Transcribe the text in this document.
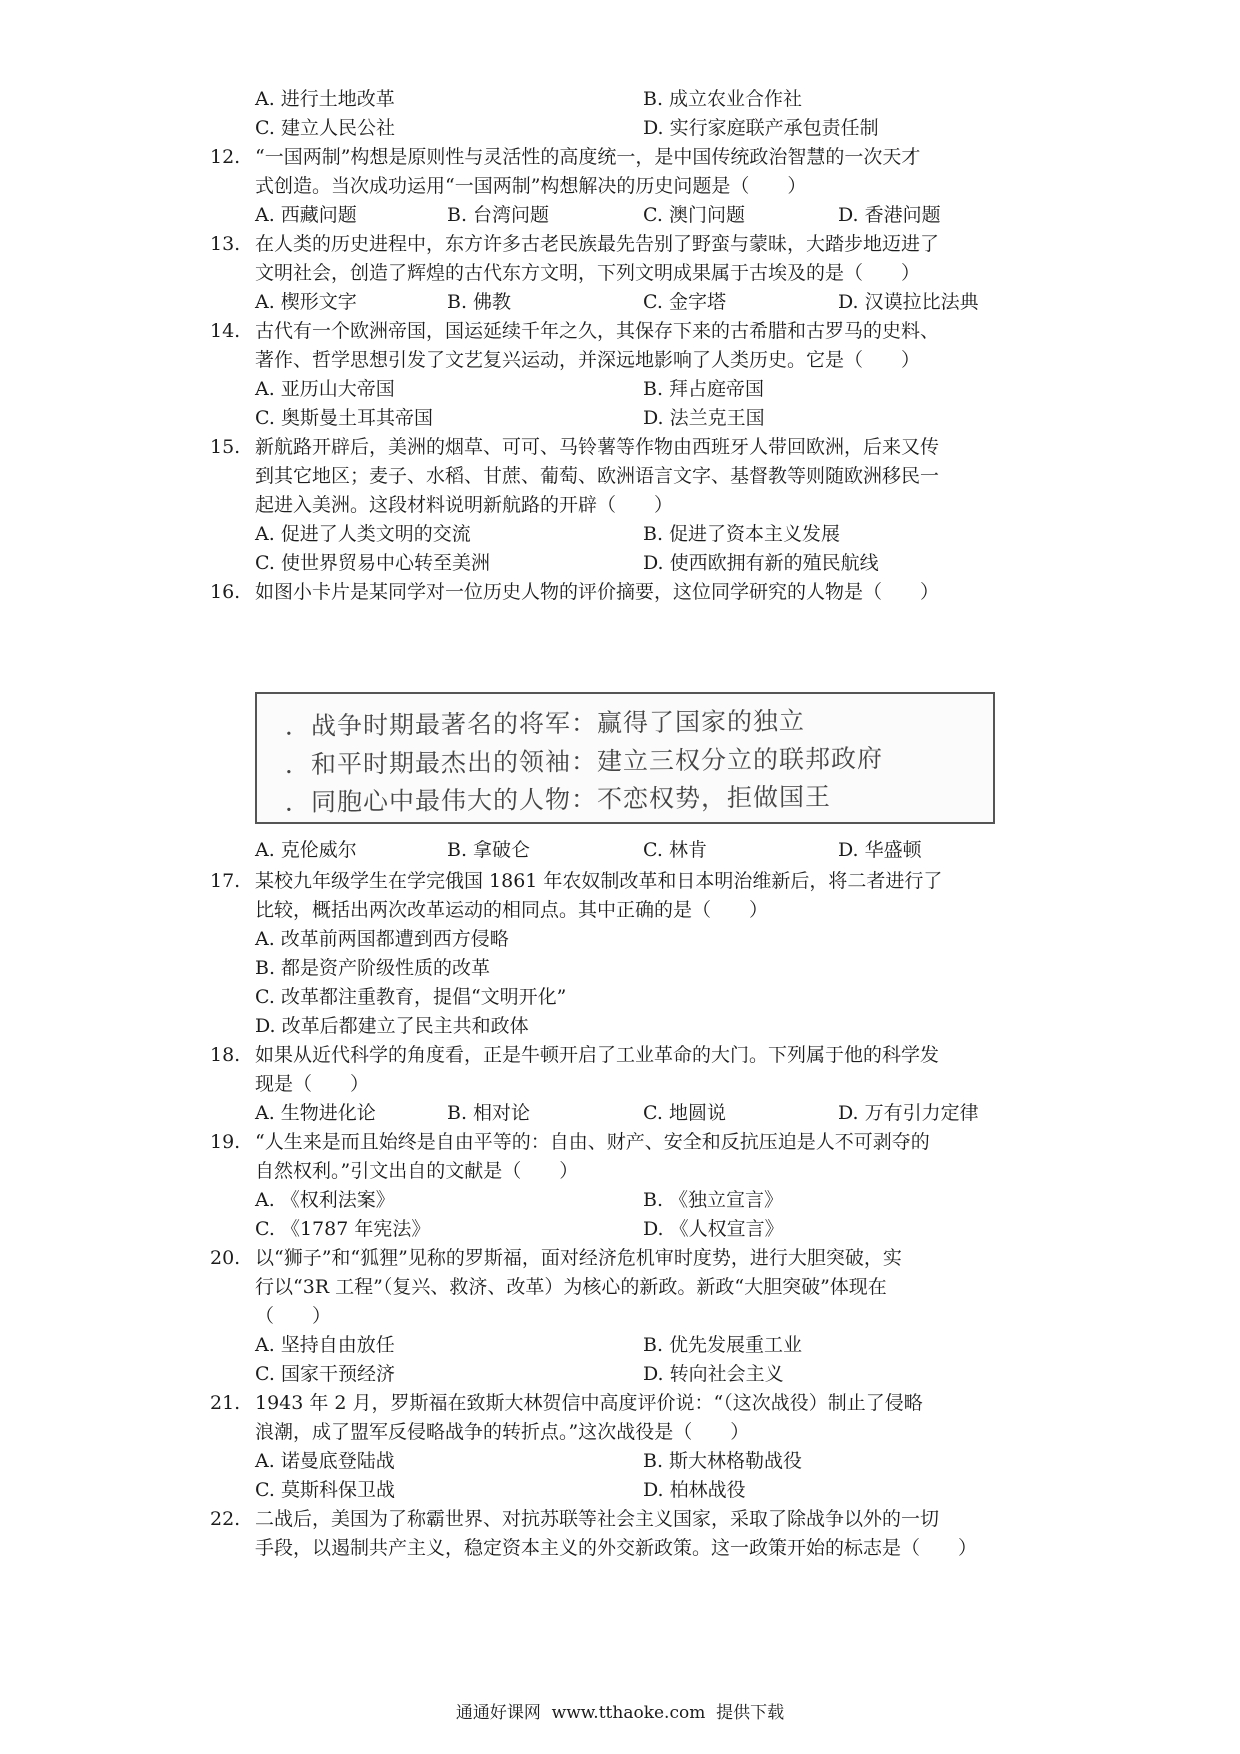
A. 进行土地改革	B. 成立农业合作社
C. 建立人民公社	D. 实行家庭联产承包责任制
12. “一国两制”构想是原则性与灵活性的高度统一，是中国传统政治智慧的一次天才
式创造。当次成功运用“一国两制”构想解决的历史问题是（　　）
A. 西藏问题	B. 台湾问题	C. 澳门问题	D. 香港问题
13. 在人类的历史进程中，东方许多古老民族最先告别了野蛮与蒙昧，大踏步地迈进了
文明社会，创造了辉煌的古代东方文明，下列文明成果属于古埃及的是（　　）
A. 楔形文字	B. 佛教	C. 金字塔	D. 汉谟拉比法典
14. 古代有一个欧洲帝国，国运延续千年之久，其保存下来的古希腊和古罗马的史料、
著作、哲学思想引发了文艺复兴运动，并深远地影响了人类历史。它是（　　）
A. 亚历山大帝国	B. 拜占庭帝国
C. 奥斯曼土耳其帝国	D. 法兰克王国
15. 新航路开辟后，美洲的烟草、可可、马铃薯等作物由西班牙人带回欧洲，后来又传
到其它地区；麦子、水稻、甘蔗、葡萄、欧洲语言文字、基督教等则随欧洲移民一
起进入美洲。这段材料说明新航路的开辟（　　）
A. 促进了人类文明的交流	B. 促进了资本主义发展
C. 使世界贸易中心转至美洲	D. 使西欧拥有新的殖民航线
16. 如图小卡片是某同学对一位历史人物的评价摘要，这位同学研究的人物是（　　）
．战争时期最著名的将军：赢得了国家的独立
．和平时期最杰出的领袖：建立三权分立的联邦政府
．同胞心中最伟大的人物：不恋权势，拒做国王
A. 克伦威尔	B. 拿破仑	C. 林肯	D. 华盛顿
17. 某校九年级学生在学完俄国 1861 年农奴制改革和日本明治维新后，将二者进行了
比较，概括出两次改革运动的相同点。其中正确的是（　　）
A. 改革前两国都遭到西方侵略
B. 都是资产阶级性质的改革
C. 改革都注重教育，提倡“文明开化”
D. 改革后都建立了民主共和政体
18. 如果从近代科学的角度看，正是牛顿开启了工业革命的大门。下列属于他的科学发
现是（　　）
A. 生物进化论	B. 相对论	C. 地圆说	D. 万有引力定律
19. “人生来是而且始终是自由平等的：自由、财产、安全和反抗压迫是人不可剥夺的
自然权利。”引文出自的文献是（　　）
A. 《权利法案》	B. 《独立宣言》
C. 《1787 年宪法》	D. 《人权宣言》
20. 以“狮子”和“狐狸”见称的罗斯福，面对经济危机审时度势，进行大胆突破，实
行以“3R 工程”（复兴、救济、改革）为核心的新政。新政“大胆突破”体现在
（　　）
A. 坚持自由放任	B. 优先发展重工业
C. 国家干预经济	D. 转向社会主义
21. 1943 年 2 月，罗斯福在致斯大林贺信中高度评价说：“（这次战役）制止了侵略
浪潮，成了盟军反侵略战争的转折点。”这次战役是（　　）
A. 诺曼底登陆战	B. 斯大林格勒战役
C. 莫斯科保卫战	D. 柏林战役
22. 二战后，美国为了称霸世界、对抗苏联等社会主义国家，采取了除战争以外的一切
手段，以遏制共产主义，稳定资本主义的外交新政策。这一政策开始的标志是（　　）
通通好课网  www.tthaoke.com  提供下载
